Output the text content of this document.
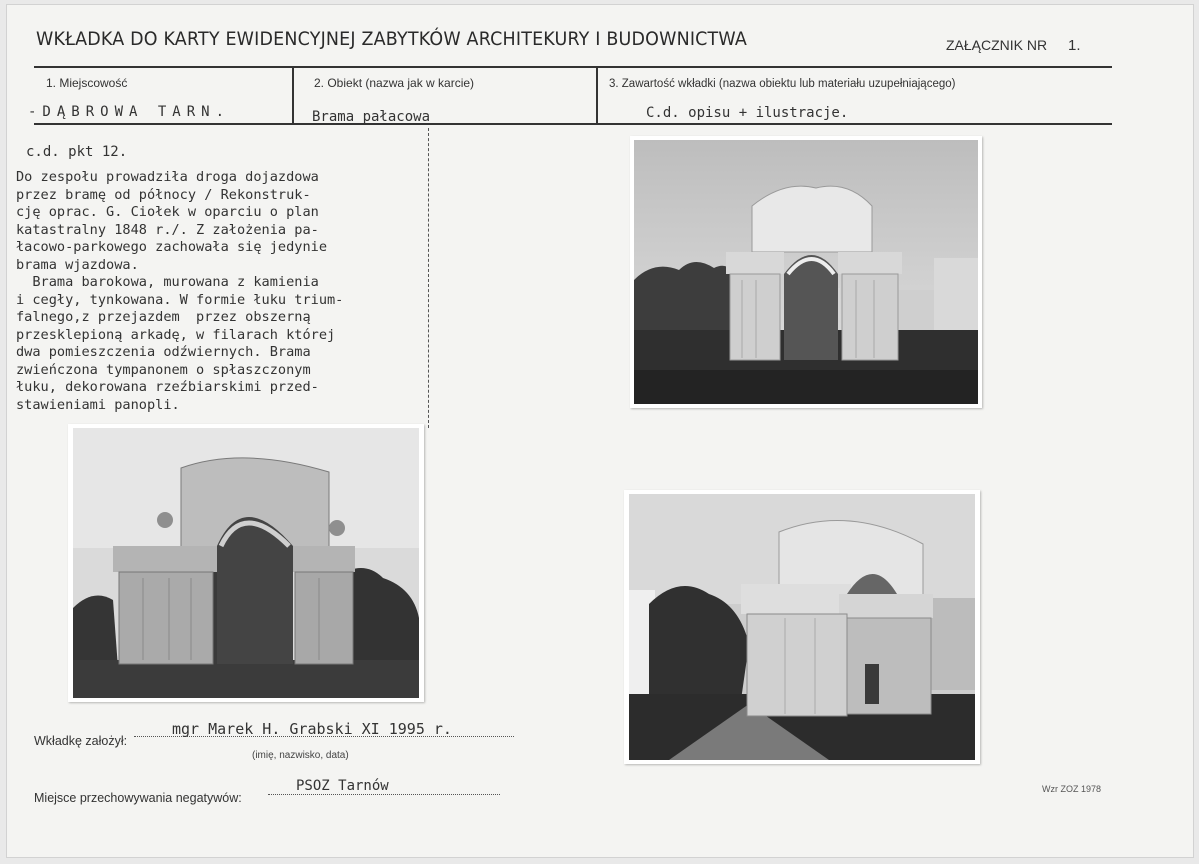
WKŁADKA DO KARTY EWIDENCYJNEJ ZABYTKÓW ARCHITEKURY I BUDOWNICTWA	ZAŁĄCZNIK NR 1.
1. Miejscowość
-DĄBROWA TARN.
2. Obiekt (nazwa jak w karcie)
Brama pałacowa
3. Zawartość wkładki (nazwa obiektu lub materiału uzupełniającego)
C.d. opisu + ilustracje.
c.d. pkt 12.

Do zespołu prowadziła droga dojazdowa

przez bramę od północy / Rekonstruk-

cję oprac. G. Ciołek w oparciu o plan

katastralny 1848 r./. Z założenia pa-

łacowo-parkowego zachowała się jedynie

brama wjazdowa.

Brama barokowa, murowana z kamienia

i cegły, tynkowana. W formie łuku trium-

falnego,z przejazdem  przez obszerną

przesklepioną arkadę, w filarach której

dwa pomieszczenia odźwiernych. Brama

zwieńczona tympanonem o spłaszczonym

łuku, dekorowana rzeźbiarskimi przed-

stawieniami panopli.

Wkładkę założył:
mgr Marek H. Grabski XI 1995 r.
(imię, nazwisko, data)
Miejsce przechowywania negatywów:
PSOZ Tarnów	Wzr ZOZ 1978
